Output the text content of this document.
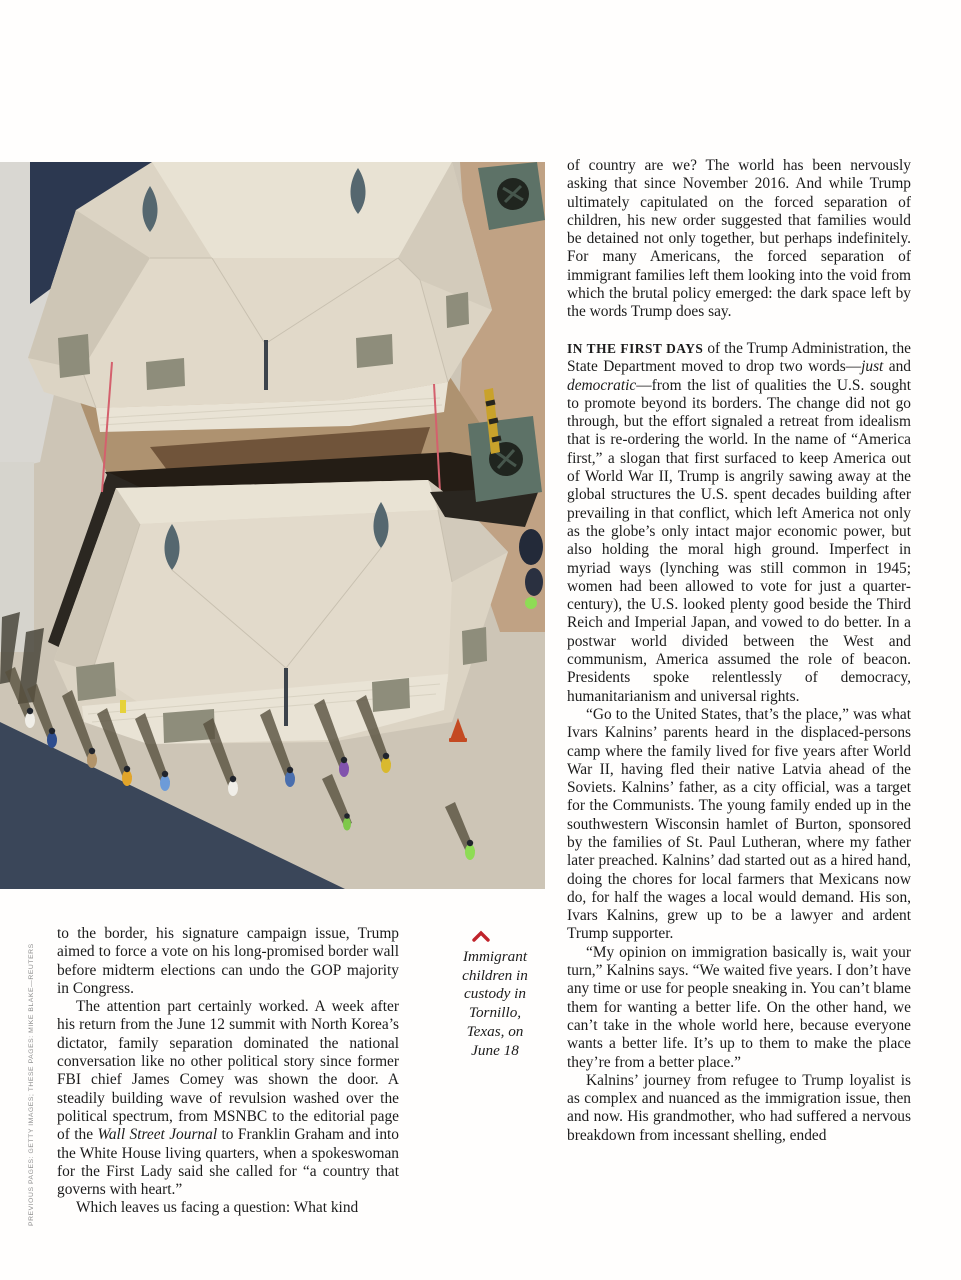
Immigrant
children in
custody in
Tornillo,
Texas, on
June 18
PREVIOUS PAGES: GETTY IMAGES; THESE PAGES: MIKE BLAKE—REUTERS

to the border, his signature campaign issue, Trump aimed to force a vote on his long-promised border wall before midterm elections can undo the GOP majority in Congress.

The attention part certainly worked. A week after his return from the June 12 summit with North Korea’s dictator, family separation dominated the national conversation like no other political story since former FBI chief James Comey was shown the door. A steadily building wave of revulsion washed over the political spectrum, from MSNBC to the editorial page of the Wall Street Journal to Franklin Graham and into the White House living quarters, when a spokeswoman for the First Lady said she called for “a country that governs with heart.”

Which leaves us facing a question: What kind

of country are we? The world has been nervously asking that since November 2016. And while Trump ultimately capitulated on the forced separation of children, his new order suggested that families would be detained not only together, but perhaps indefinitely. For many Americans, the forced separation of immigrant families left them looking into the void from which the brutal policy emerged: the dark space left by the words Trump does say.

IN THE FIRST DAYS of the Trump Administration, the State Department moved to drop two words—just and democratic—from the list of qualities the U.S. sought to promote beyond its borders. The change did not go through, but the effort signaled a retreat from idealism that is re-ordering the world. In the name of “America first,” a slogan that first surfaced to keep America out of World War II, Trump is angrily sawing away at the global structures the U.S. spent decades building after prevailing in that conflict, which left America not only as the globe’s only intact major economic power, but also holding the moral high ground. Imperfect in myriad ways (lynching was still common in 1945; women had been allowed to vote for just a quarter-century), the U.S. looked plenty good beside the Third Reich and Imperial Japan, and vowed to do better. In a postwar world divided between the West and communism, America assumed the role of beacon. Presidents spoke relentlessly of democracy, humanitarianism and universal rights.

“Go to the United States, that’s the place,” was what Ivars Kalnins’ parents heard in the displaced-persons camp where the family lived for five years after World War II, having fled their native Latvia ahead of the Soviets. Kalnins’ father, as a city official, was a target for the Communists. The young family ended up in the southwestern Wisconsin hamlet of Burton, sponsored by the families of St. Paul Lutheran, where my father later preached. Kalnins’ dad started out as a hired hand, doing the chores for local farmers that Mexicans now do, for half the wages a local would demand. His son, Ivars Kalnins, grew up to be a lawyer and ardent Trump supporter.

“My opinion on immigration basically is, wait your turn,” Kalnins says. “We waited five years. I don’t have any time or use for people sneaking in. You can’t blame them for wanting a better life. On the other hand, we can’t take in the whole world here, because everyone wants a better life. It’s up to them to make the place they’re from a better place.”

Kalnins’ journey from refugee to Trump loyalist is as complex and nuanced as the immigration issue, then and now. His grandmother, who had suffered a nervous breakdown from incessant shelling, ended
